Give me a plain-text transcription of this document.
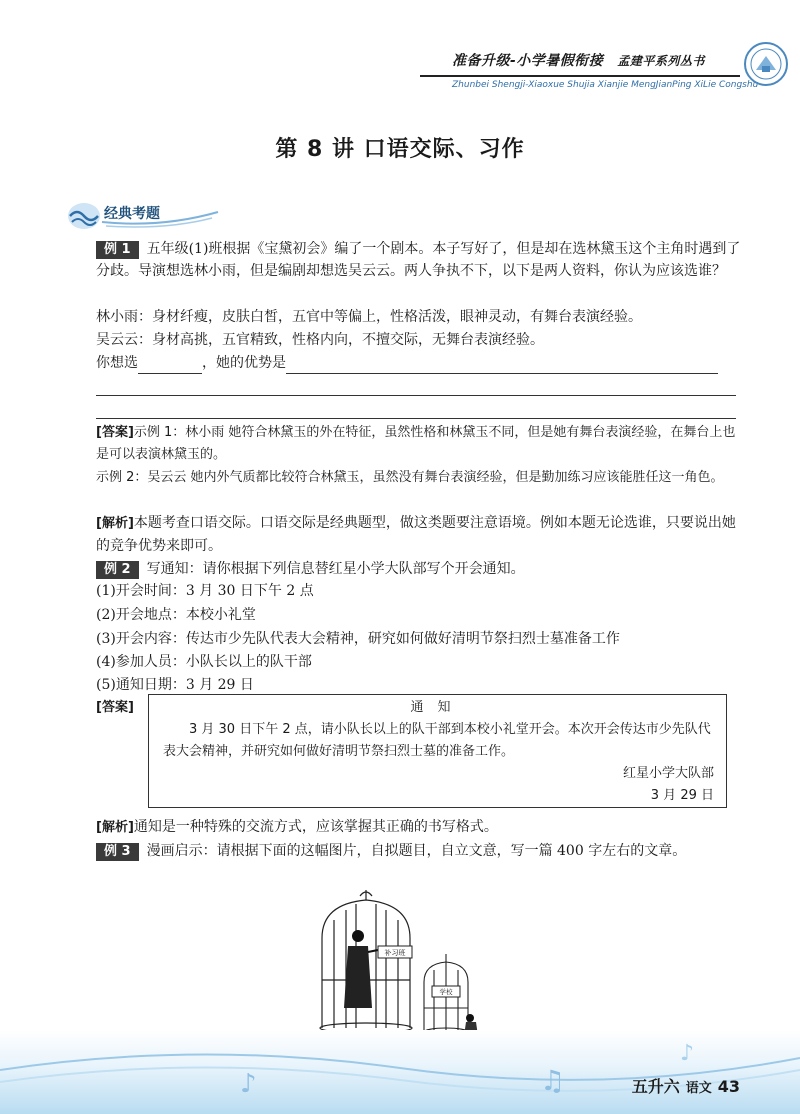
准备升级-小学暑假衔接 孟建平系列丛书
Zhunbei Shengji-Xiaoxue Shujia Xianjie MengJianPing XiLie Congshu
第 8 讲 口语交际、习作
经典考题
例 1 五年级(1)班根据《宝黛初会》编了一个剧本。本子写好了，但是却在选林黛玉这个主角时遇到了分歧。导演想选林小雨，但是编剧却想选吴云云。两人争执不下，以下是两人资料，你认为应该选谁？
林小雨：身材纤瘦，皮肤白皙，五官中等偏上，性格活泼，眼神灵动，有舞台表演经验。
吴云云：身材高挑，五官精致，性格内向，不擅交际，无舞台表演经验。
你想选	，她的优势是
[答案]示例 1：林小雨 她符合林黛玉的外在特征，虽然性格和林黛玉不同，但是她有舞台表演经验，在舞台上也是可以表演林黛玉的。
示例 2：吴云云 她内外气质都比较符合林黛玉，虽然没有舞台表演经验，但是勤加练习应该能胜任这一角色。
[解析]本题考查口语交际。口语交际是经典题型，做这类题要注意语境。例如本题无论选谁，只要说出她的竞争优势来即可。
例 2 写通知：请你根据下列信息替红星小学大队部写个开会通知。
(1)开会时间：3 月 30 日下午 2 点
(2)开会地点：本校小礼堂
(3)开会内容：传达市少先队代表大会精神，研究如何做好清明节祭扫烈士墓准备工作
(4)参加人员：小队长以上的队干部
(5)通知日期：3 月 29 日
[答案]	通知
3 月 30 日下午 2 点，请小队长以上的队干部到本校小礼堂开会。本次开会传达市少先队代表大会精神，并研究如何做好清明节祭扫烈士墓的准备工作。
红星小学大队部
3 月 29 日
[解析]通知是一种特殊的交流方式，应该掌握其正确的书写格式。
例 3 漫画启示：请根据下面的这幅图片，自拟题目，自立文意，写一篇 400 字左右的文章。
补习班
学校
♪	♫
♪
五升六 语文 43
